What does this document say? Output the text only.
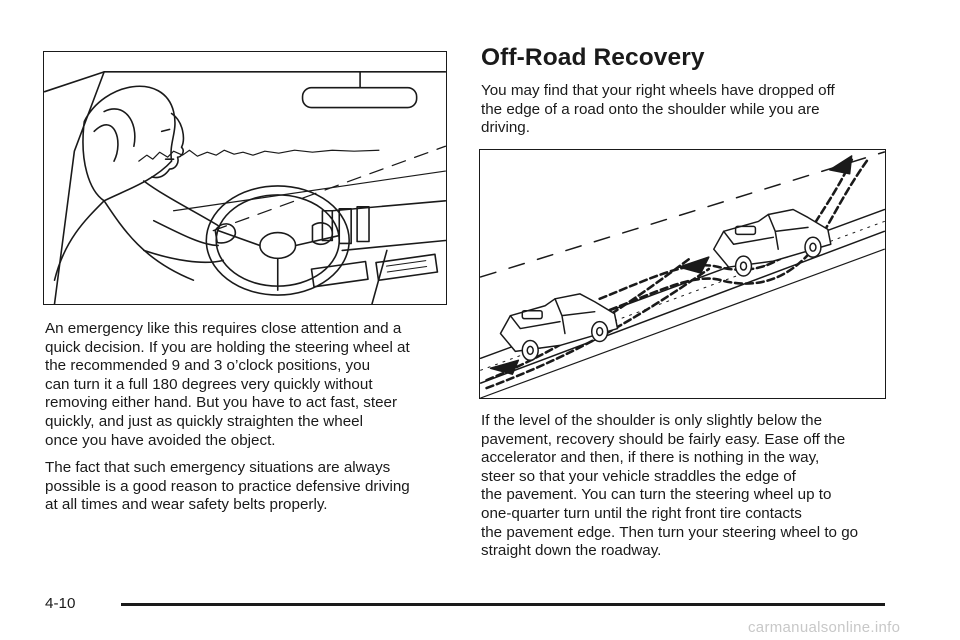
An emergency like this requires close attention and a
quick decision. If you are holding the steering wheel at
the recommended 9 and 3 o’clock positions, you
can turn it a full 180 degrees very quickly without
removing either hand. But you have to act fast, steer
quickly, and just as quickly straighten the wheel
once you have avoided the object.

The fact that such emergency situations are always
possible is a good reason to practice defensive driving
at all times and wear safety belts properly.

Off-Road Recovery

You may find that your right wheels have dropped off
the edge of a road onto the shoulder while you are
driving.

If the level of the shoulder is only slightly below the
pavement, recovery should be fairly easy. Ease off the
accelerator and then, if there is nothing in the way,
steer so that your vehicle straddles the edge of
the pavement. You can turn the steering wheel up to
one-quarter turn until the right front tire contacts
the pavement edge. Then turn your steering wheel to go
straight down the roadway.

4-10
carmanualsonline.info
